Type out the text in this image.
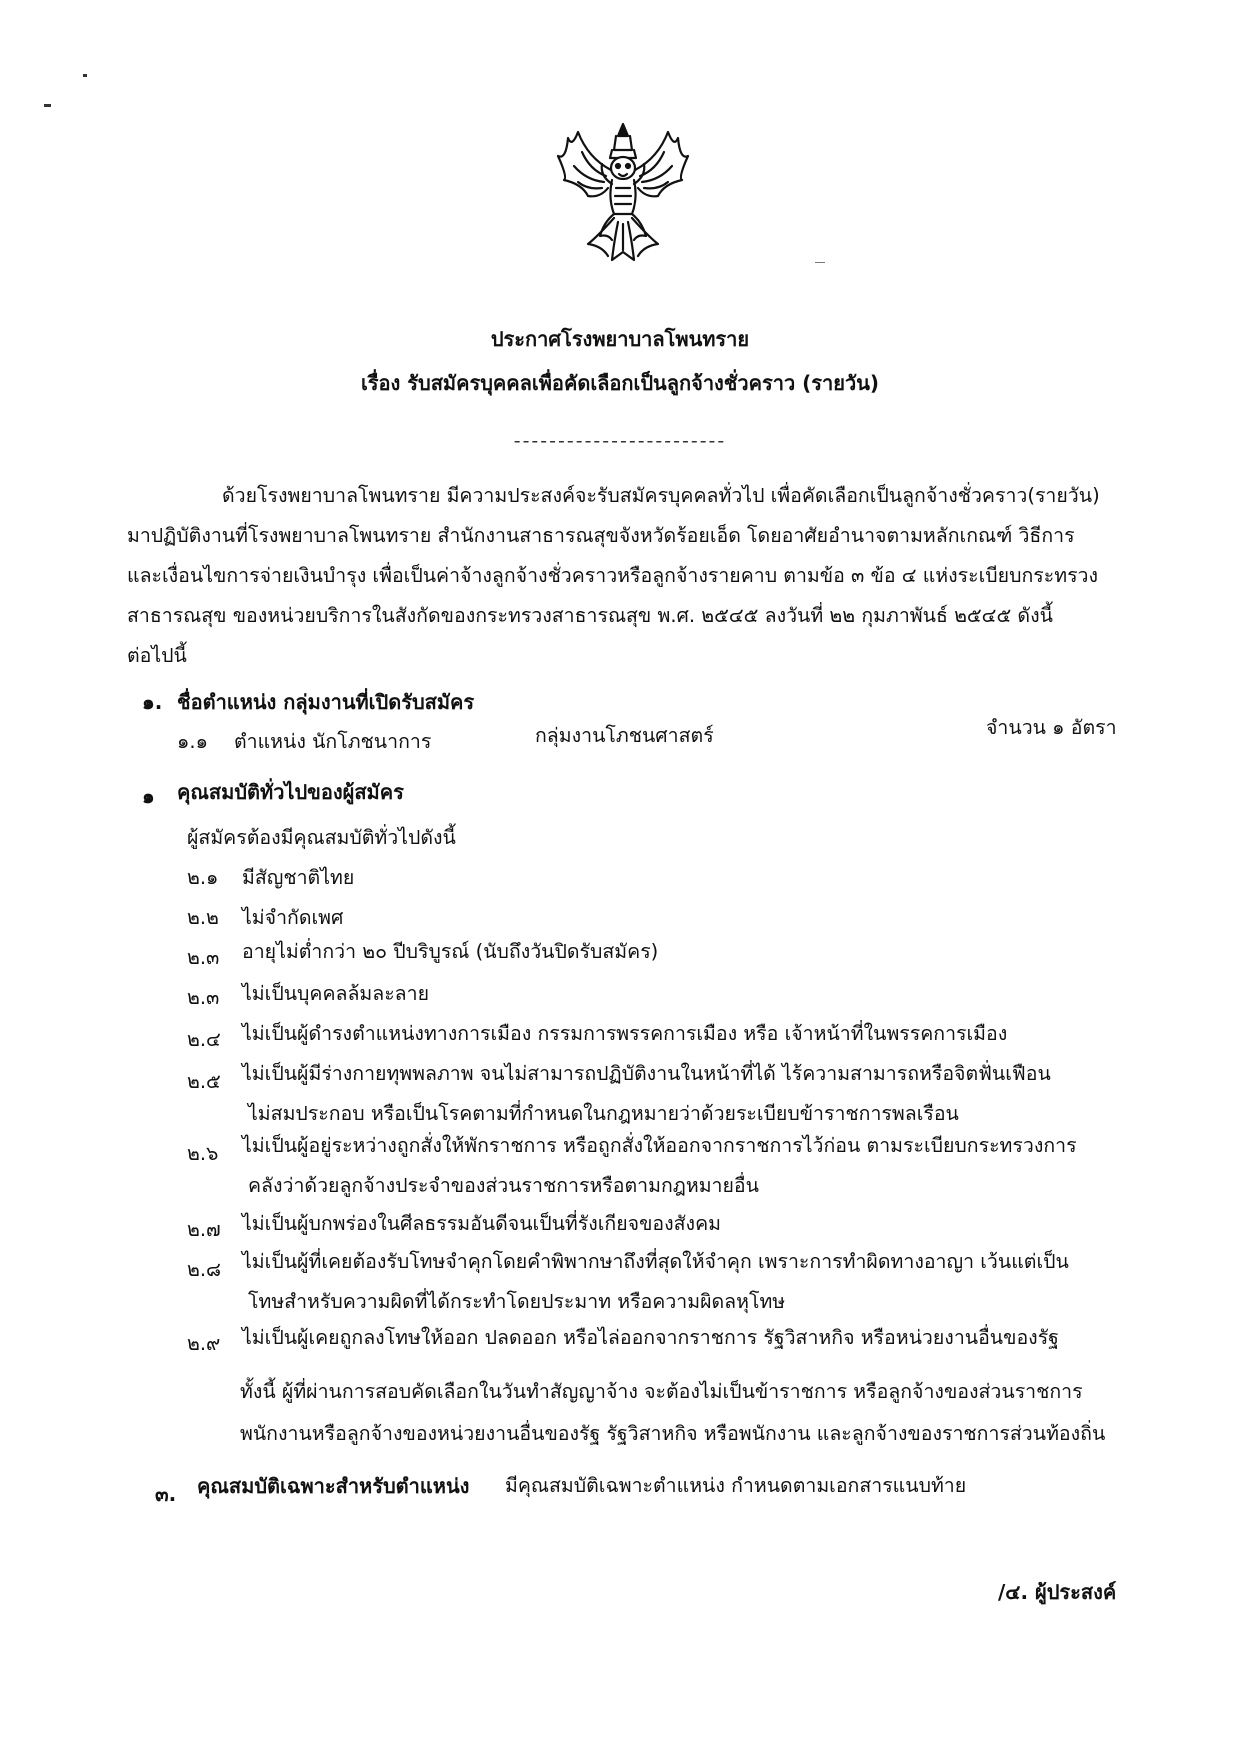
ประกาศโรงพยาบาลโพนทราย
เรื่อง รับสมัครบุคคลเพื่อคัดเลือกเป็นลูกจ้างชั่วคราว (รายวัน)
------------------------
ด้วยโรงพยาบาลโพนทราย มีความประสงค์จะรับสมัครบุคคลทั่วไป เพื่อคัดเลือกเป็นลูกจ้างชั่วคราว(รายวัน)
มาปฏิบัติงานที่โรงพยาบาลโพนทราย สำนักงานสาธารณสุขจังหวัดร้อยเอ็ด โดยอาศัยอำนาจตามหลักเกณฑ์ วิธีการ
และเงื่อนไขการจ่ายเงินบำรุง เพื่อเป็นค่าจ้างลูกจ้างชั่วคราวหรือลูกจ้างรายคาบ ตามข้อ ๓ ข้อ ๔ แห่งระเบียบกระทรวง
สาธารณสุข ของหน่วยบริการในสังกัดของกระทรวงสาธารณสุข พ.ศ. ๒๕๔๕ ลงวันที่ ๒๒ กุมภาพันธ์ ๒๕๔๕ ดังนี้
ต่อไปนี้
๑. ชื่อตำแหน่ง กลุ่มงานที่เปิดรับสมัคร
๑.๑ ตำแหน่ง นักโภชนาการ	กลุ่มงานโภชนศาสตร์	จำนวน ๑ อัตรา
๑ คุณสมบัติทั่วไปของผู้สมัคร
ผู้สมัครต้องมีคุณสมบัติทั่วไปดังนี้
๒.๑ มีสัญชาติไทย
๒.๒ ไม่จำกัดเพศ
๒.๓ อายุไม่ต่ำกว่า ๒๐ ปีบริบูรณ์ (นับถึงวันปิดรับสมัคร)
๒.๓ ไม่เป็นบุคคลล้มละลาย
๒.๔ ไม่เป็นผู้ดำรงตำแหน่งทางการเมือง กรรมการพรรคการเมือง หรือ เจ้าหน้าที่ในพรรคการเมือง
๒.๕ ไม่เป็นผู้มีร่างกายทุพพลภาพ จนไม่สามารถปฏิบัติงานในหน้าที่ได้ ไร้ความสามารถหรือจิตฟั่นเฟือน
ไม่สมประกอบ หรือเป็นโรคตามที่กำหนดในกฎหมายว่าด้วยระเบียบข้าราชการพลเรือน
๒.๖ ไม่เป็นผู้อยู่ระหว่างถูกสั่งให้พักราชการ หรือถูกสั่งให้ออกจากราชการไว้ก่อน ตามระเบียบกระทรวงการ
คลังว่าด้วยลูกจ้างประจำของส่วนราชการหรือตามกฎหมายอื่น
๒.๗ ไม่เป็นผู้บกพร่องในศีลธรรมอันดีจนเป็นที่รังเกียจของสังคม
๒.๘ ไม่เป็นผู้ที่เคยต้องรับโทษจำคุกโดยคำพิพากษาถึงที่สุดให้จำคุก เพราะการทำผิดทางอาญา เว้นแต่เป็น
โทษสำหรับความผิดที่ได้กระทำโดยประมาท หรือความผิดลหุโทษ
๒.๙ ไม่เป็นผู้เคยถูกลงโทษให้ออก ปลดออก หรือไล่ออกจากราชการ รัฐวิสาหกิจ หรือหน่วยงานอื่นของรัฐ
ทั้งนี้ ผู้ที่ผ่านการสอบคัดเลือกในวันทำสัญญาจ้าง จะต้องไม่เป็นข้าราชการ หรือลูกจ้างของส่วนราชการ
พนักงานหรือลูกจ้างของหน่วยงานอื่นของรัฐ รัฐวิสาหกิจ หรือพนักงาน และลูกจ้างของราชการส่วนท้องถิ่น
๓. คุณสมบัติเฉพาะสำหรับตำแหน่ง มีคุณสมบัติเฉพาะตำแหน่ง กำหนดตามเอกสารแนบท้าย
/๔. ผู้ประสงค์
